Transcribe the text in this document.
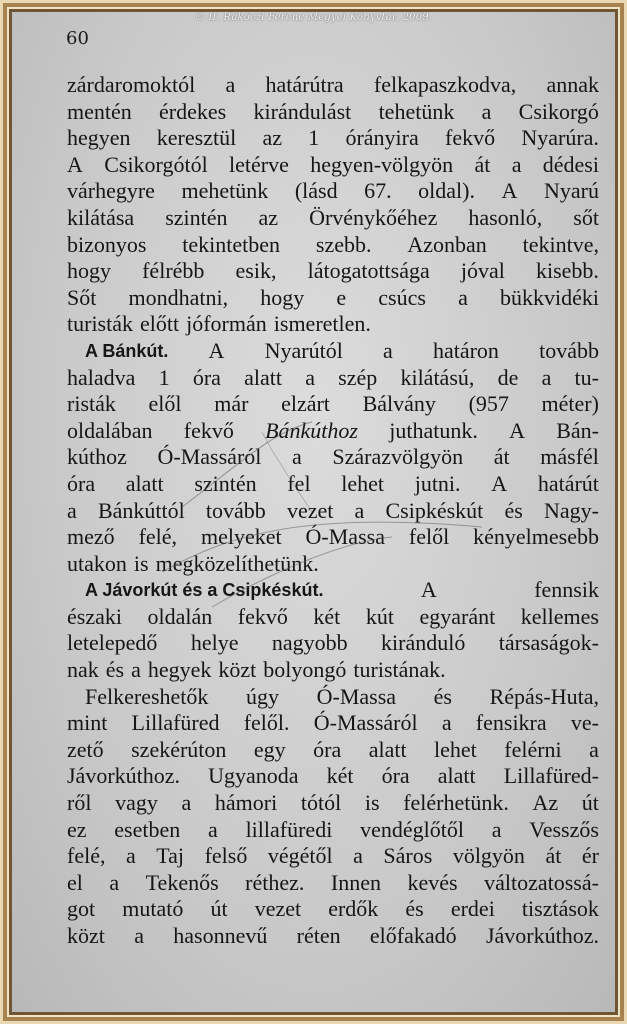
© II. Rákóczi Ferenc Megyei Könyvtár, 2009.
60
zárdaromoktól a határútra felkapaszkodva, annak
mentén érdekes kirándulást tehetünk a Csikorgó
hegyen keresztül az 1 órányira fekvő Nyarúra.
A Csikorgótól letérve hegyen-völgyön át a dédesi
várhegyre mehetünk (lásd 67. oldal). A Nyarú
kilátása szintén az Örvénykőéhez hasonló, sőt
bizonyos tekintetben szebb. Azonban tekintve,
hogy félrébb esik, látogatottsága jóval kisebb.
Sőt mondhatni, hogy e csúcs a bükkvidéki
turisták előtt jóformán ismeretlen.
A Bánkút. A Nyarútól a határon tovább
haladva 1 óra alatt a szép kilátású, de a tu-
risták elől már elzárt Bálvány (957 méter)
oldalában fekvő Bánkúthoz juthatunk. A Bán-
kúthoz Ó-Massáról a Szárazvölgyön át másfél
óra alatt szintén fel lehet jutni. A határút
a Bánkúttól tovább vezet a Csipkéskút és Nagy-
mező felé, melyeket Ó-Massa felől kényelmesebb
utakon is megközelíthetünk.
A Jávorkút és a Csipkéskút.	A	fennsik
északi oldalán fekvő két kút egyaránt kellemes
letelepedő helye nagyobb kiránduló társaságok-
nak és a hegyek közt bolyongó turistának.
Felkereshetők úgy Ó-Massa és Répás-Huta,
mint Lillafüred felől. Ó-Massáról a fensikra ve-
zető szekérúton egy óra alatt lehet felérni a
Jávorkúthoz. Ugyanoda két óra alatt Lillafüred-
ről vagy a hámori tótól is felérhetünk. Az út
ez esetben a lillafüredi vendéglőtől a Vesszős
felé, a Taj felső végétől a Sáros völgyön át ér
el a Tekenős réthez. Innen kevés változatossá-
got mutató út vezet erdők és erdei tisztások
közt a hasonnevű réten előfakadó Jávorkúthoz.
